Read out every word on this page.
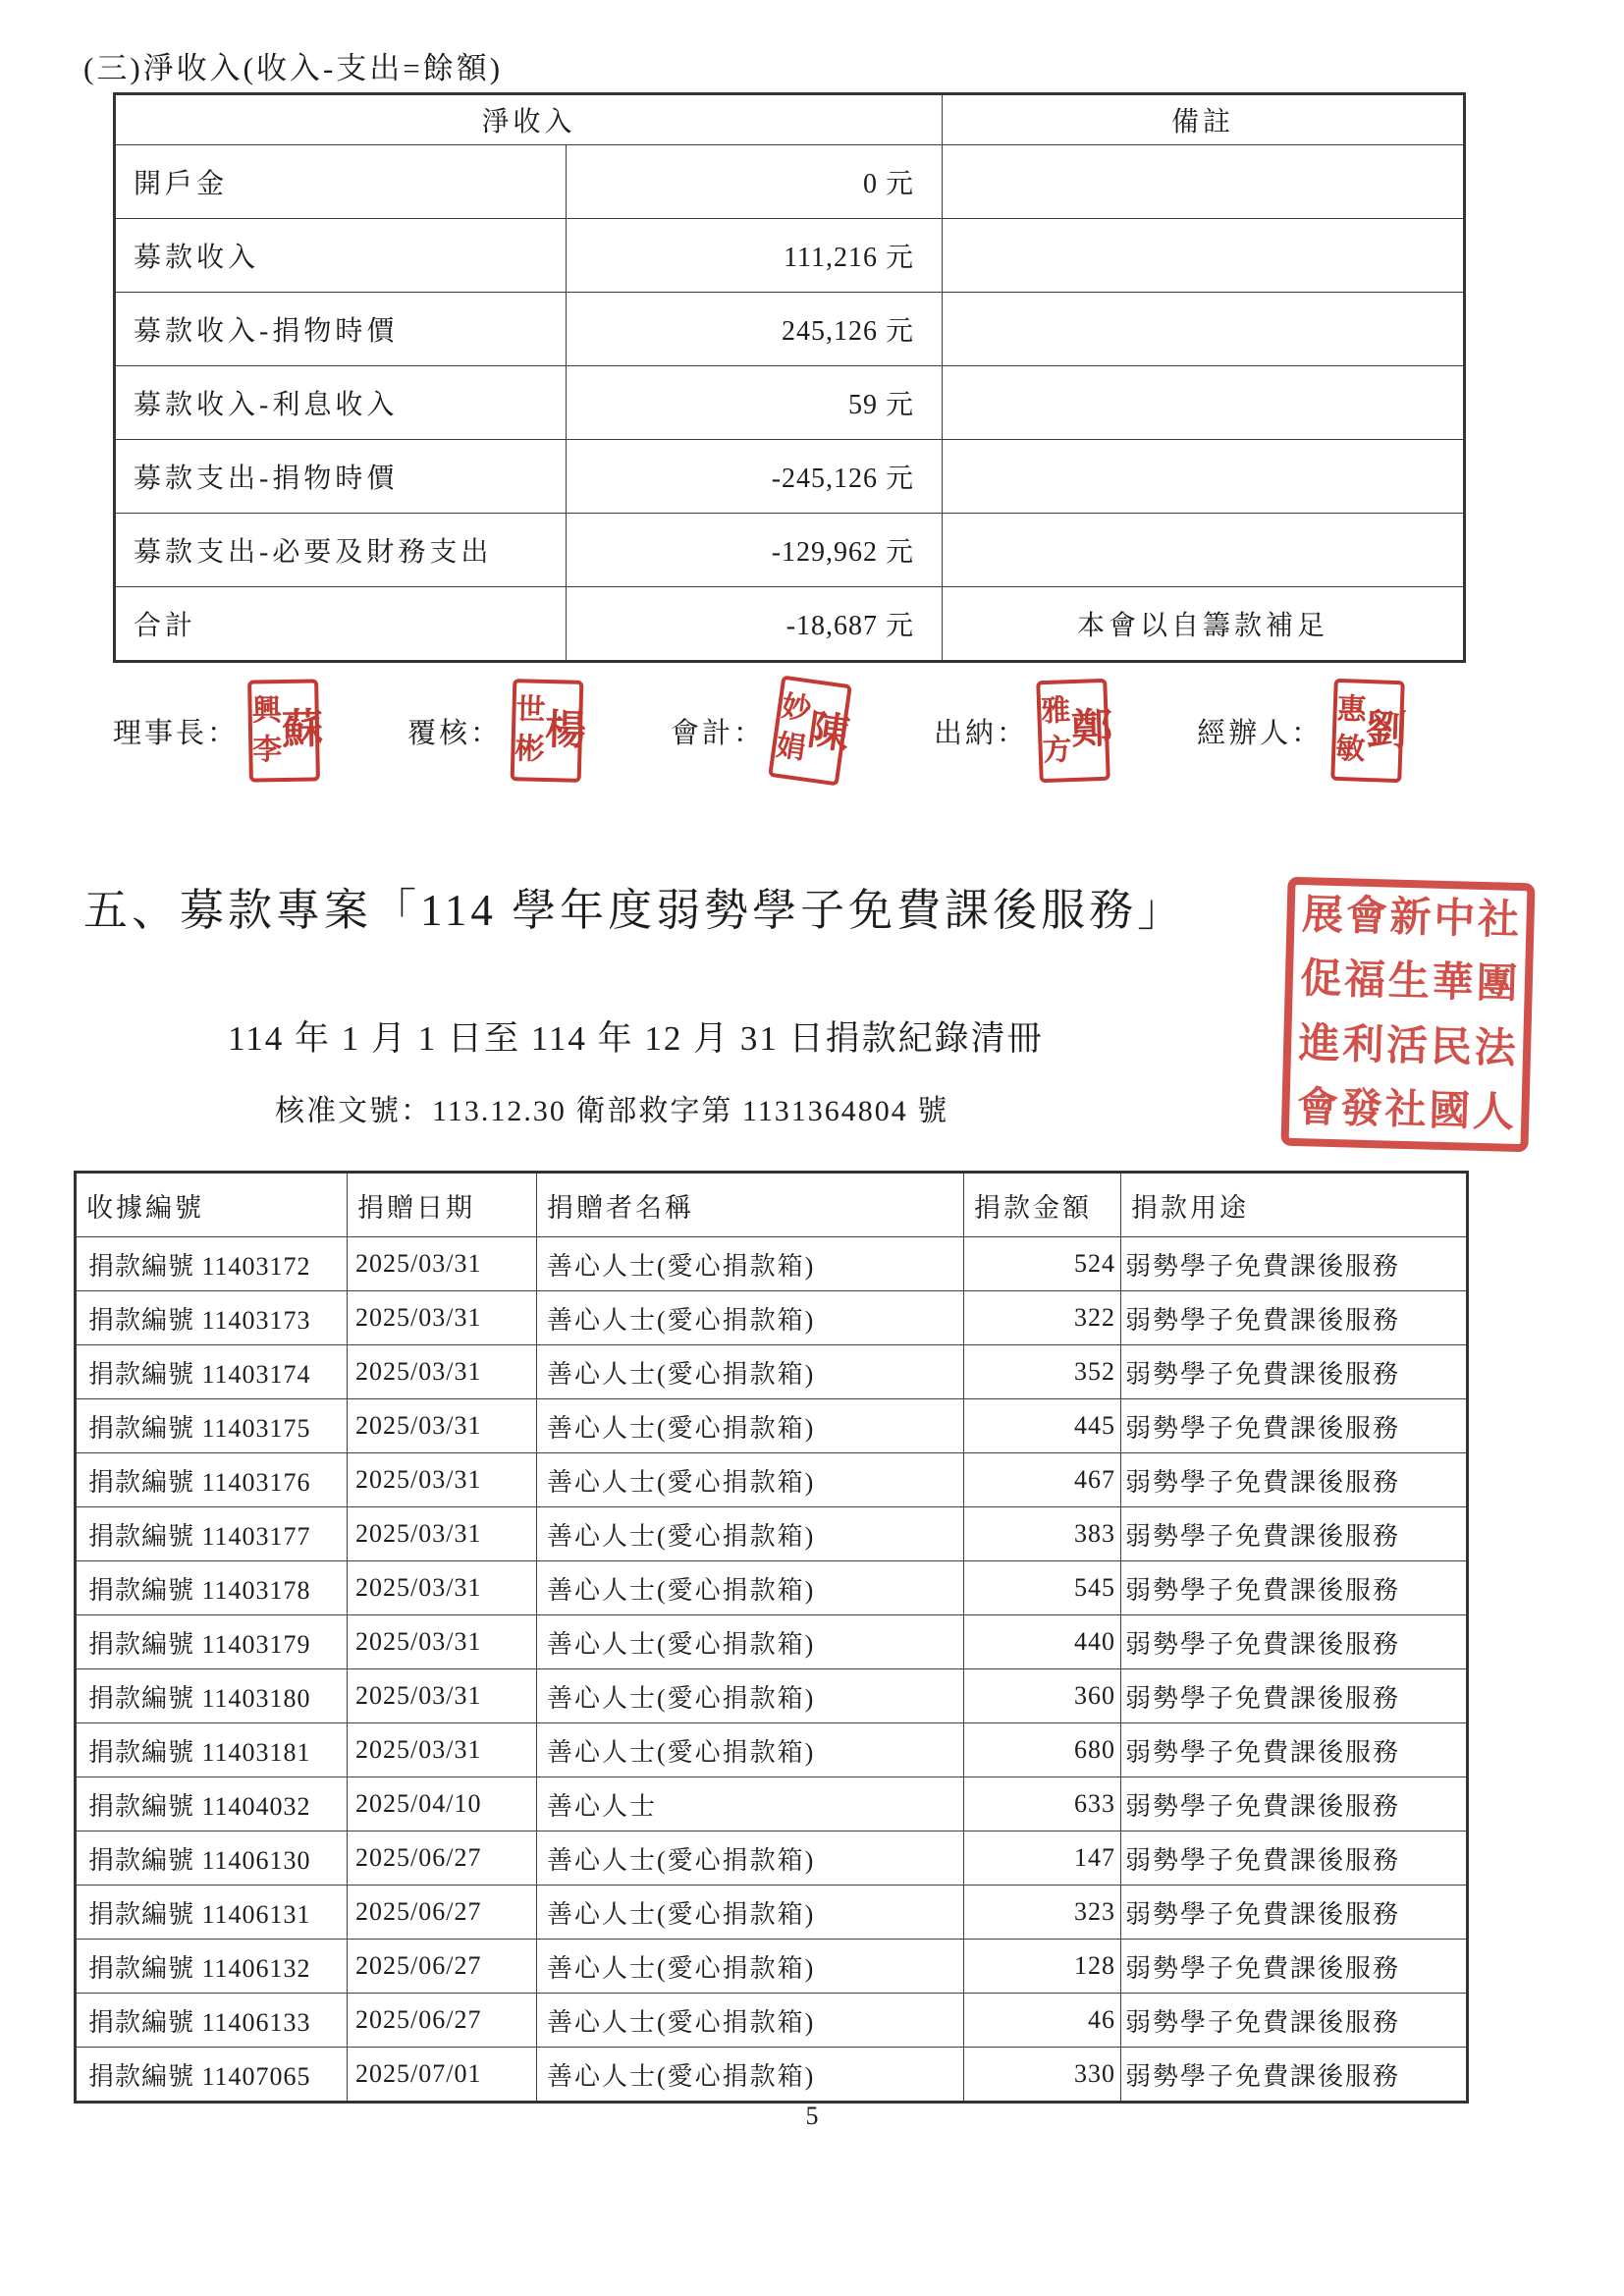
(三)淨收入(收入-支出=餘額)
淨收入		備註
開戶金	0 元	
募款收入	111,216 元	
募款收入-捐物時價	245,126 元	
募款收入-利息收入	59 元	
募款支出-捐物時價	-245,126 元	
募款支出-必要及財務支出	-129,962 元	
合計	-18,687 元	本會以自籌款補足
理事長： 蘇
興
李
覆核： 楊
世
彬	會計： 陳
妙
娟	出納： 鄭
雅
方
經辦人： 劉
惠
敏
五、募款專案「114 學年度弱勢學子免費課後服務」	社
團
法
人
中
華
民
國
新
生
活
社
會
福
利
發
展
促
進
會
114 年 1 月 1 日至 114 年 12 月 31 日捐款紀錄清冊
核准文號：113.12.30 衛部救字第 1131364804 號
收據編號	捐贈日期	捐贈者名稱	捐款金額	捐款用途
捐款編號 11403172	2025/03/31	善心人士(愛心捐款箱)	524	弱勢學子免費課後服務
捐款編號 11403173	2025/03/31	善心人士(愛心捐款箱)	322	弱勢學子免費課後服務
捐款編號 11403174	2025/03/31	善心人士(愛心捐款箱)	352	弱勢學子免費課後服務
捐款編號 11403175	2025/03/31	善心人士(愛心捐款箱)	445	弱勢學子免費課後服務
捐款編號 11403176	2025/03/31	善心人士(愛心捐款箱)	467	弱勢學子免費課後服務
捐款編號 11403177	2025/03/31	善心人士(愛心捐款箱)	383	弱勢學子免費課後服務
捐款編號 11403178	2025/03/31	善心人士(愛心捐款箱)	545	弱勢學子免費課後服務
捐款編號 11403179	2025/03/31	善心人士(愛心捐款箱)	440	弱勢學子免費課後服務
捐款編號 11403180	2025/03/31	善心人士(愛心捐款箱)	360	弱勢學子免費課後服務
捐款編號 11403181	2025/03/31	善心人士(愛心捐款箱)	680	弱勢學子免費課後服務
捐款編號 11404032	2025/04/10	善心人士	633	弱勢學子免費課後服務
捐款編號 11406130	2025/06/27	善心人士(愛心捐款箱)	147	弱勢學子免費課後服務
捐款編號 11406131	2025/06/27	善心人士(愛心捐款箱)	323	弱勢學子免費課後服務
捐款編號 11406132	2025/06/27	善心人士(愛心捐款箱)	128	弱勢學子免費課後服務
捐款編號 11406133	2025/06/27	善心人士(愛心捐款箱)	46	弱勢學子免費課後服務
捐款編號 11407065	2025/07/01	善心人士(愛心捐款箱)	330	弱勢學子免費課後服務
5
